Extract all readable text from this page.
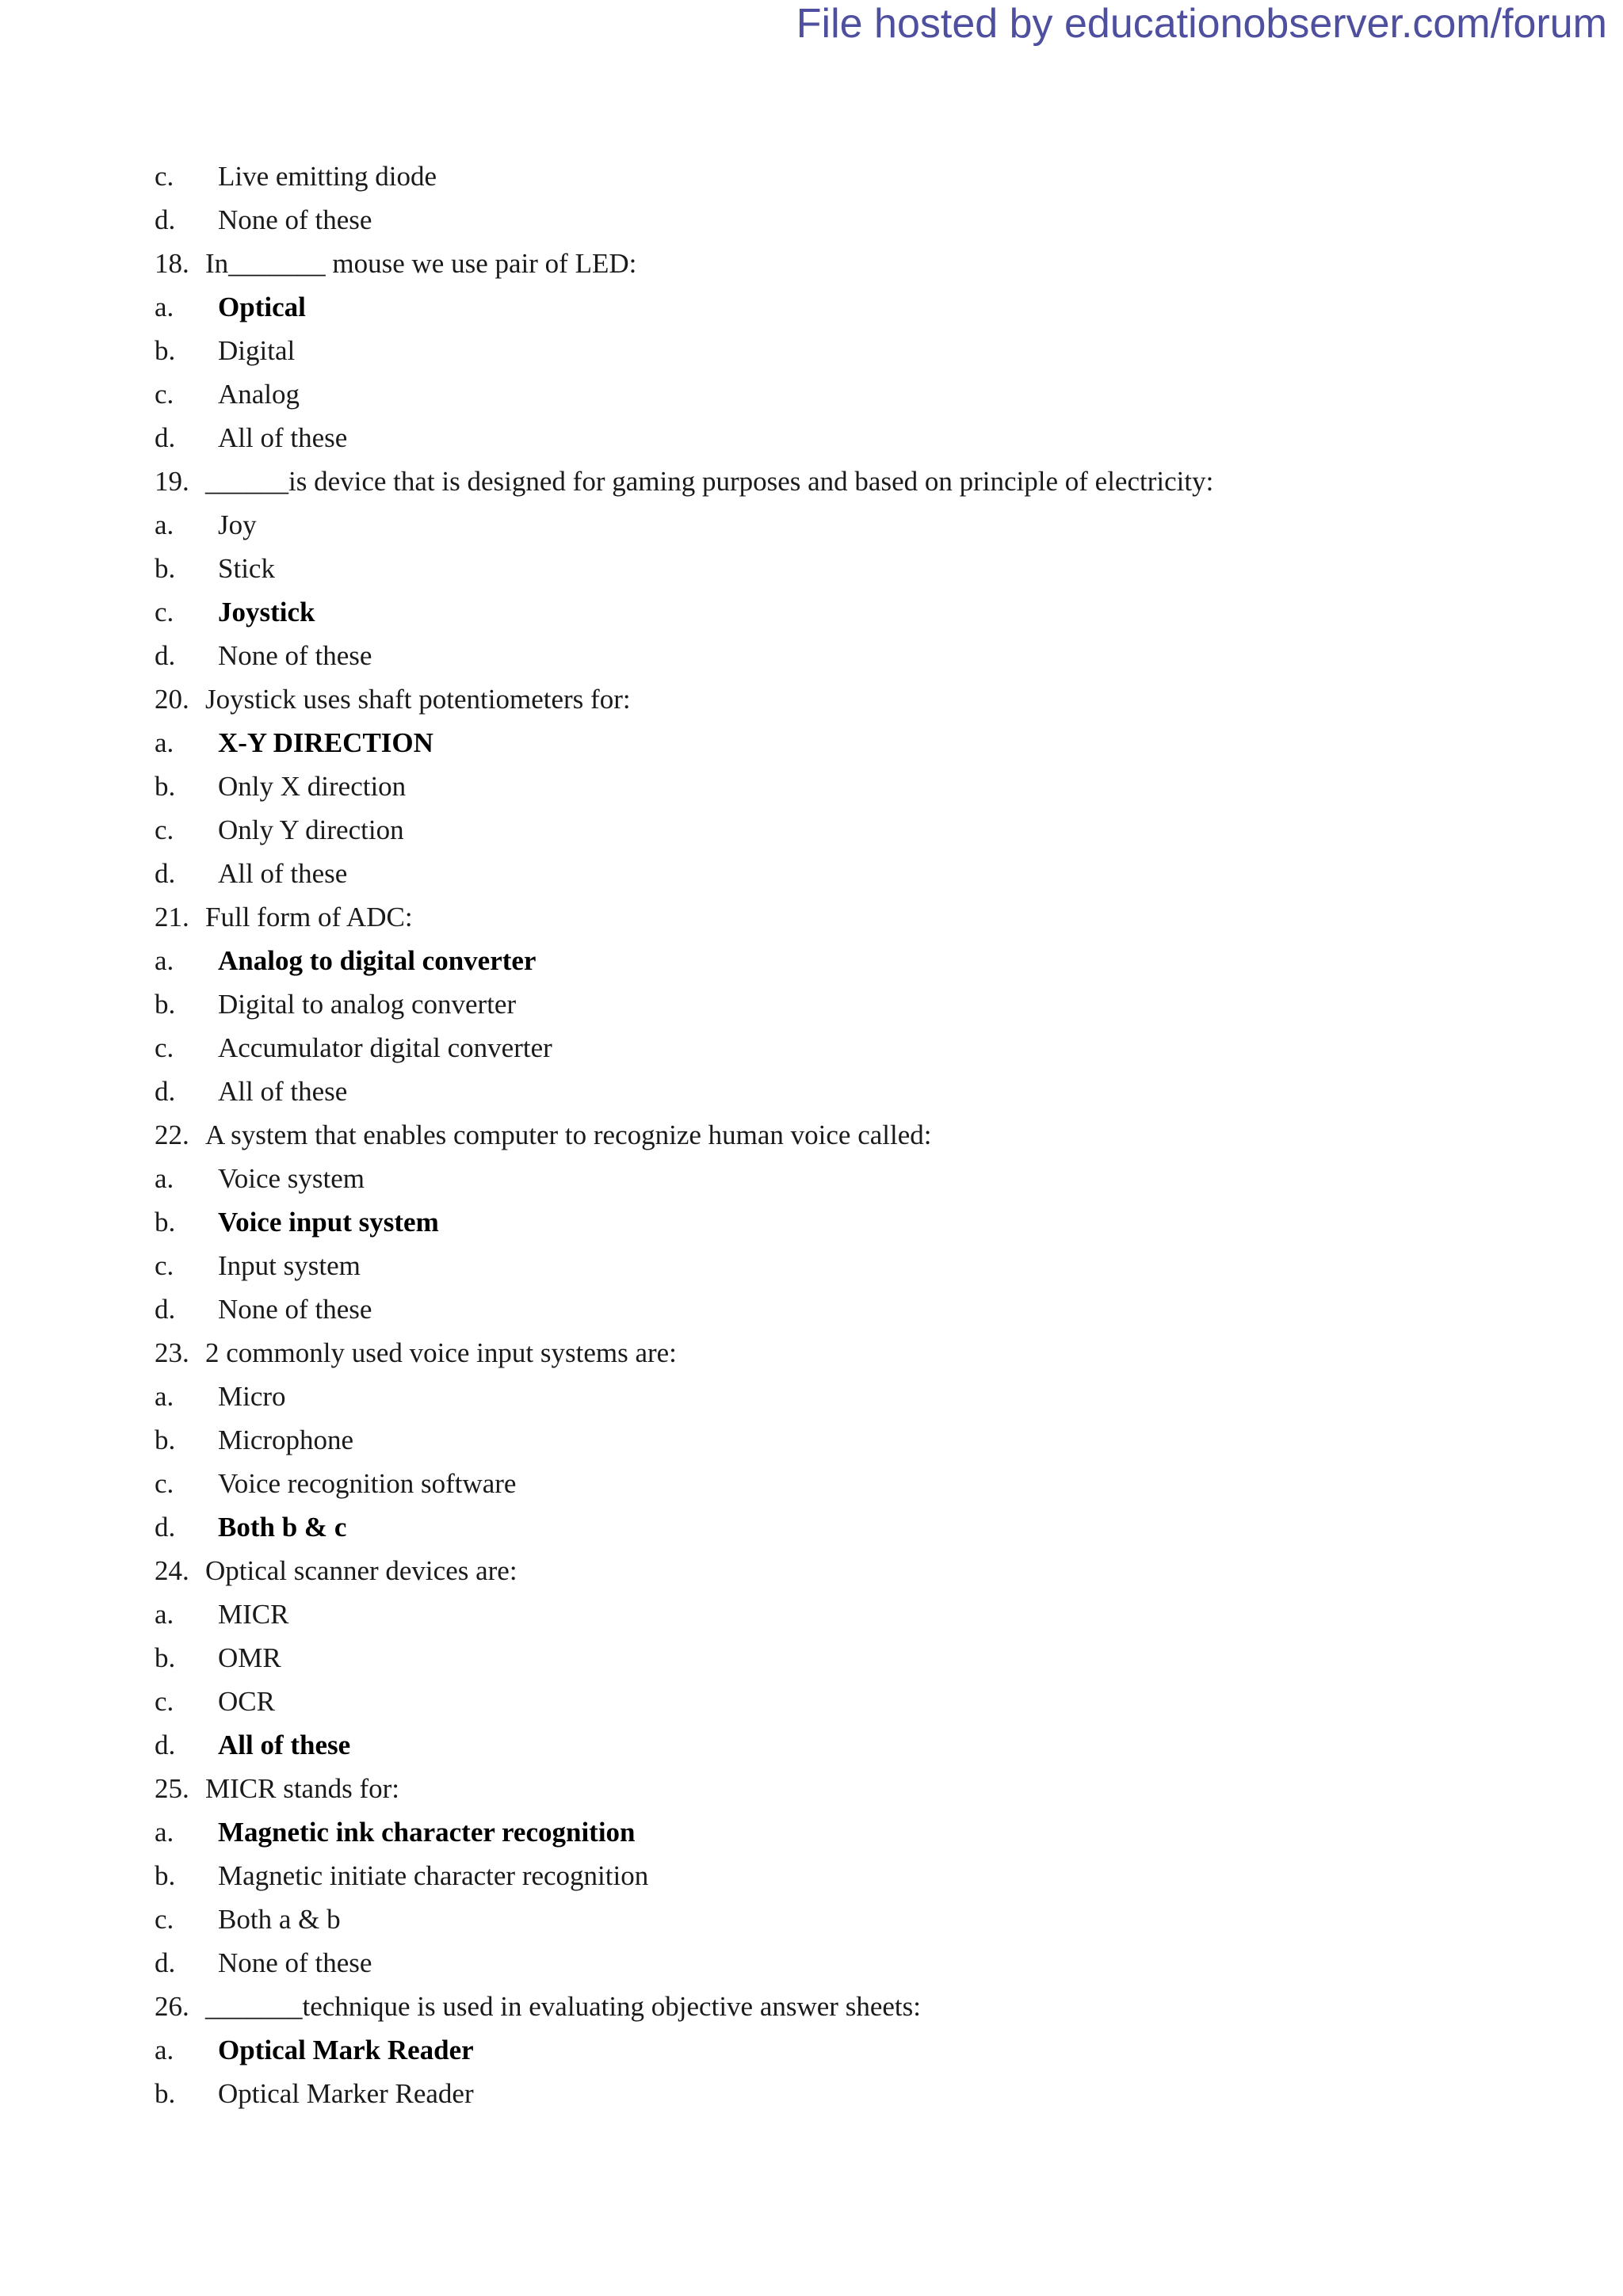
File hosted by educationobserver.com/forum
c. Live emitting diode
d. None of these
18. In_______ mouse we use pair of LED:
a. Optical
b. Digital
c. Analog
d. All of these
19. ______is device that is designed for gaming purposes and based on principle of electricity:
a. Joy
b. Stick
c. Joystick
d. None of these
20. Joystick uses shaft potentiometers for:
a. X-Y DIRECTION
b. Only X direction
c. Only Y direction
d. All of these
21. Full form of ADC:
a. Analog to digital converter
b. Digital to analog converter
c. Accumulator digital converter
d. All of these
22. A system that enables computer to recognize human voice called:
a. Voice system
b. Voice input system
c. Input system
d. None of these
23. 2 commonly used voice input systems are:
a. Micro
b. Microphone
c. Voice recognition software
d. Both b & c
24. Optical scanner devices are:
a. MICR
b. OMR
c. OCR
d. All of these
25. MICR stands for:
a. Magnetic ink character recognition
b. Magnetic initiate character recognition
c. Both a & b
d. None of these
26. _______technique is used in evaluating objective answer sheets:
a. Optical Mark Reader
b. Optical Marker Reader
